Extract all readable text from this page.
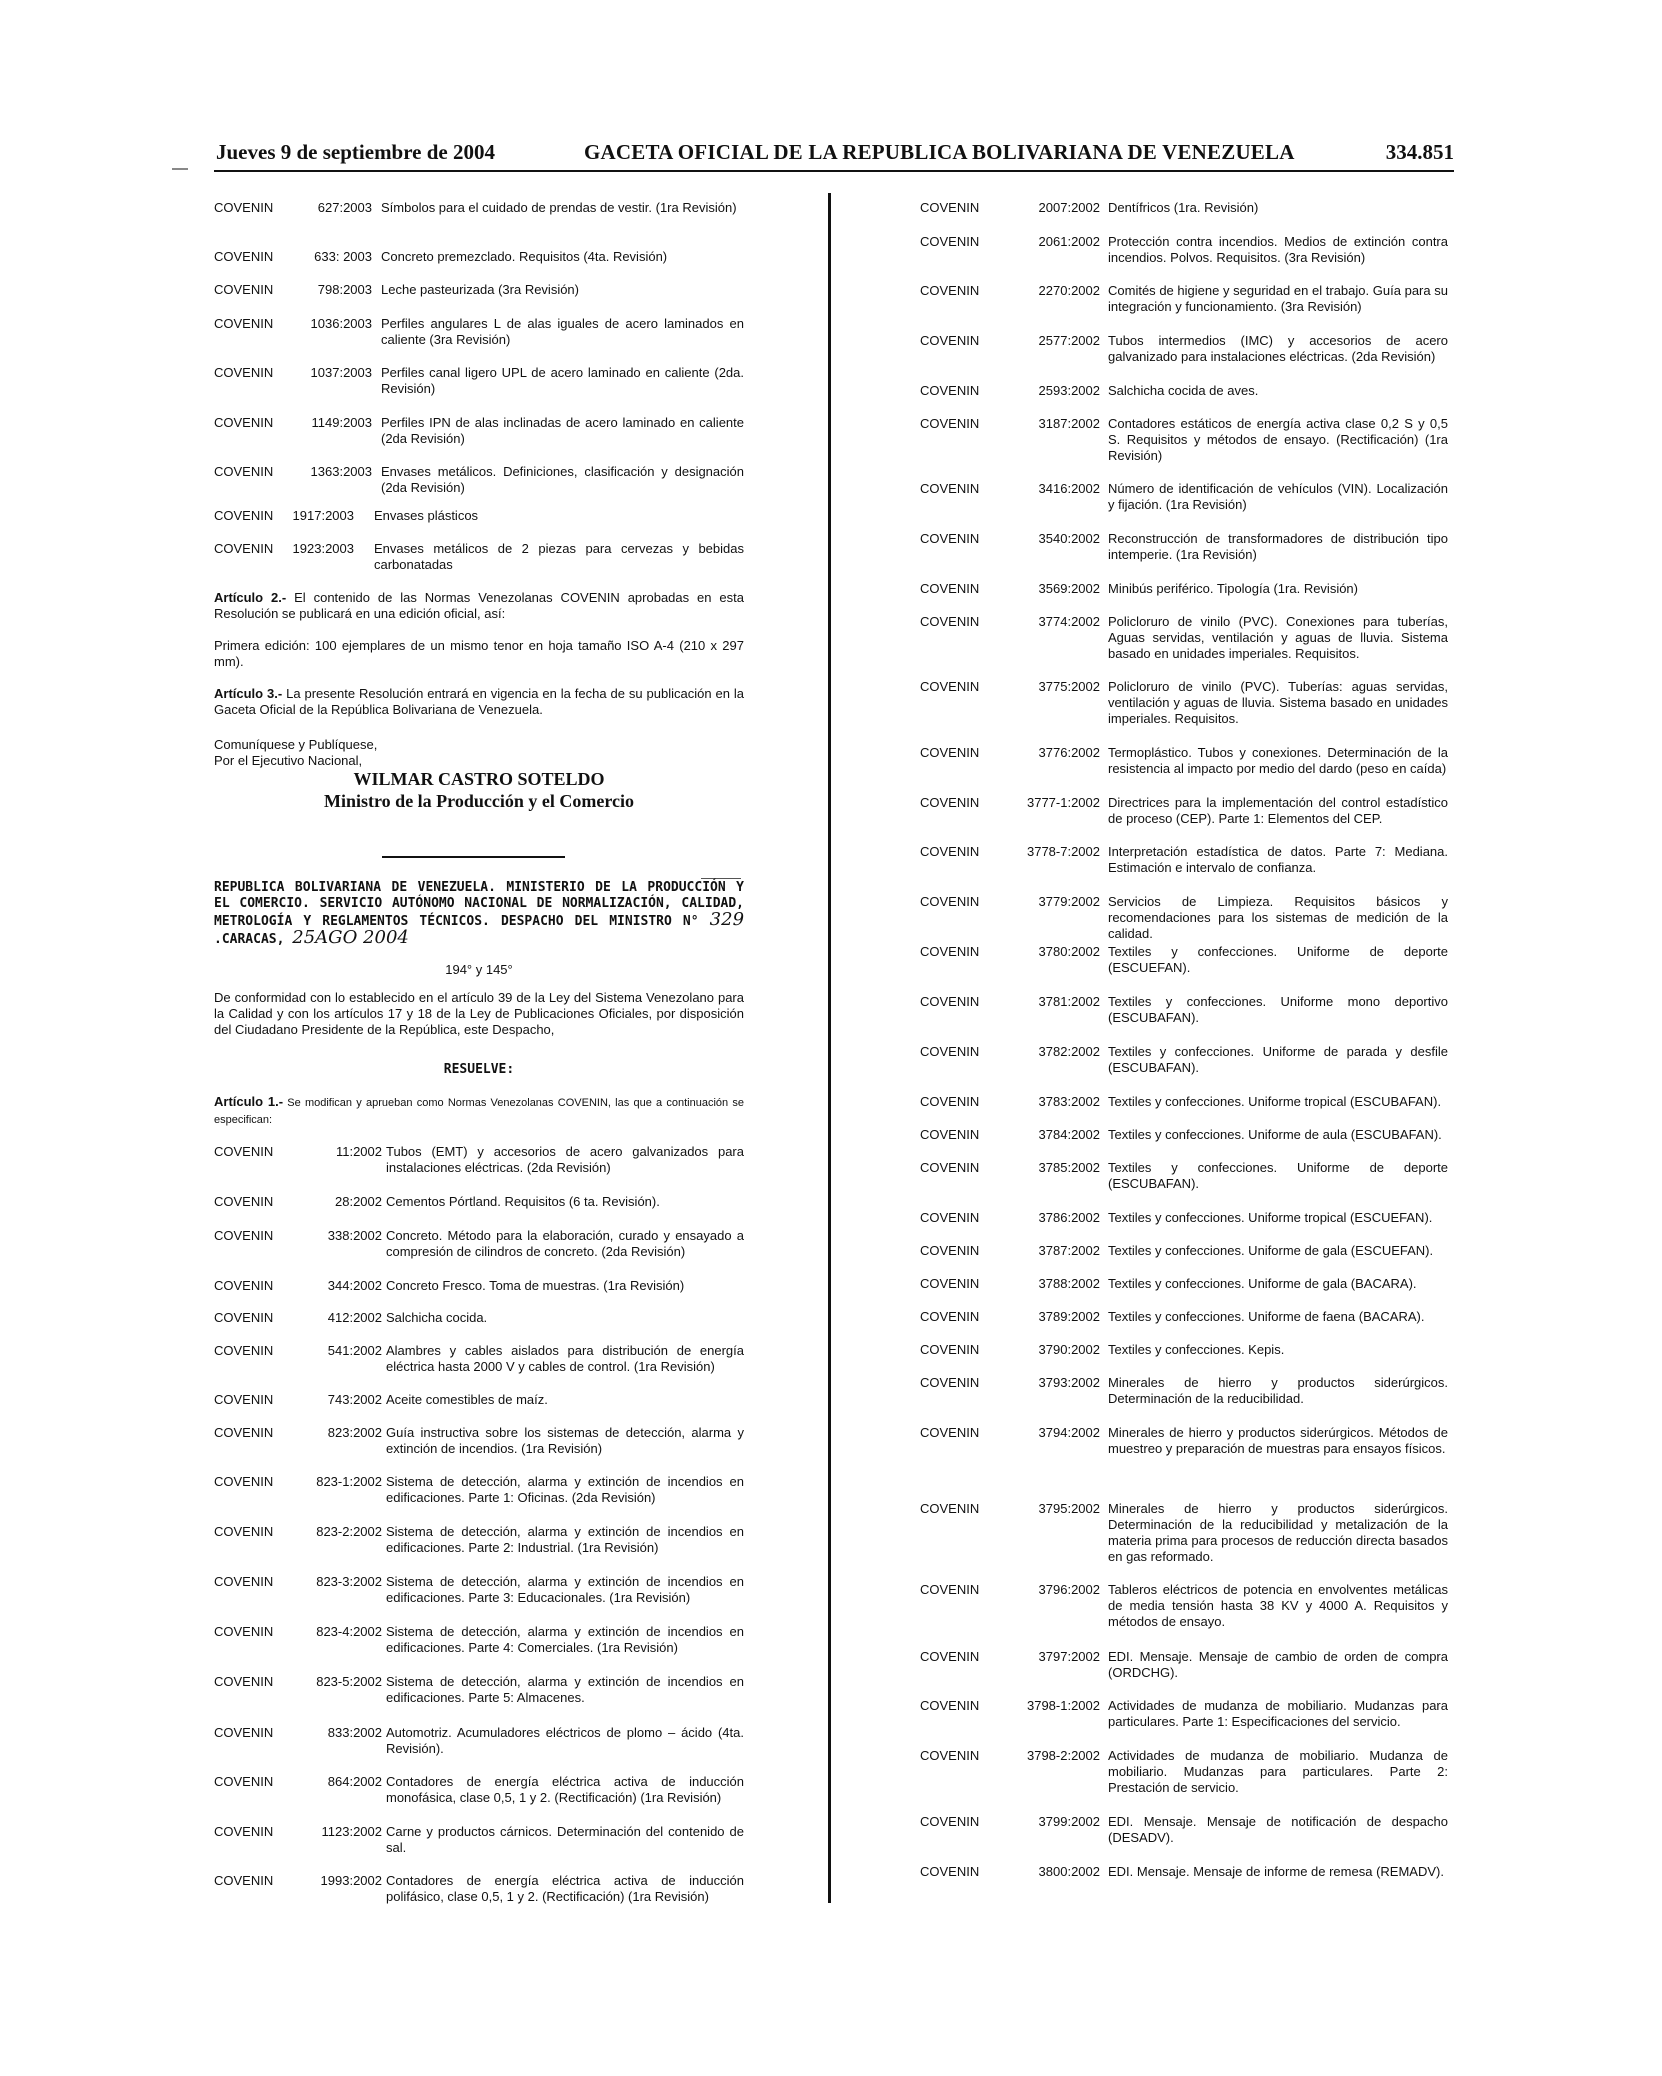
Jueves 9 de septiembre de 2004	GACETA OFICIAL DE LA REPUBLICA BOLIVARIANA DE VENEZUELA	334.851
COVENIN	627:2003 Símbolos para el cuidado de prendas de vestir. (1ra Revisión)
COVENIN	633: 2003 Concreto premezclado. Requisitos (4ta. Revisión)
COVENIN	798:2003 Leche pasteurizada (3ra Revisión)
COVENIN	1036:2003 Perfiles angulares L de alas iguales de acero laminados en caliente (3ra Revisión)
COVENIN	1037:2003 Perfiles canal ligero UPL de acero laminado en caliente (2da. Revisión)
COVENIN	1149:2003 Perfiles IPN de alas inclinadas de acero laminado en caliente (2da Revisión)
COVENIN	1363:2003 Envases metálicos. Definiciones, clasificación y designación (2da Revisión)
COVENIN	1917:2003 Envases plásticos
COVENIN	1923:2003 Envases metálicos de 2 piezas para cervezas y bebidas carbonatadas
Artículo 2.- El contenido de las Normas Venezolanas COVENIN aprobadas en esta Resolución se publicará en una edición oficial, así:
Primera edición: 100 ejemplares de un mismo tenor en hoja tamaño ISO A-4 (210 x 297 mm).
Artículo 3.- La presente Resolución entrará en vigencia en la fecha de su publicación en la Gaceta Oficial de la República Bolivariana de Venezuela.
Comuníquese y Publíquese,
Por el Ejecutivo Nacional,
WILMAR CASTRO SOTELDO
Ministro de la Producción y el Comercio
REPUBLICA BOLIVARIANA DE VENEZUELA. MINISTERIO DE LA PRODUCCIÓN Y EL COMERCIO. SERVICIO AUTÓNOMO NACIONAL DE NORMALIZACIÓN, CALIDAD, METROLOGÍA Y REGLAMENTOS TÉCNICOS. DESPACHO DEL MINISTRO N° 329 .CARACAS, 25AGO 2004
194° y 145°
De conformidad con lo establecido en el artículo 39 de la Ley del Sistema Venezolano para la Calidad y con los artículos 17 y 18 de la Ley de Publicaciones Oficiales, por disposición del Ciudadano Presidente de la República, este Despacho,
RESUELVE:
Artículo 1.- Se modifican y aprueban como Normas Venezolanas COVENIN, las que a continuación se especifican:
COVENIN	11:2002 Tubos (EMT) y accesorios de acero galvanizados para instalaciones eléctricas. (2da Revisión)
COVENIN	28:2002 Cementos Pórtland. Requisitos (6 ta. Revisión).
COVENIN	338:2002 Concreto. Método para la elaboración, curado y ensayado a compresión de cilindros de concreto. (2da Revisión)
COVENIN	344:2002 Concreto Fresco. Toma de muestras. (1ra Revisión)
COVENIN	412:2002 Salchicha cocida.
COVENIN	541:2002 Alambres y cables aislados para distribución de energía eléctrica hasta 2000 V y cables de control. (1ra Revisión)
COVENIN	743:2002 Aceite comestibles de maíz.
COVENIN	823:2002 Guía instructiva sobre los sistemas de detección, alarma y extinción de incendios. (1ra Revisión)
COVENIN	823-1:2002 Sistema de detección, alarma y extinción de incendios en edificaciones. Parte 1: Oficinas. (2da Revisión)
COVENIN	823-2:2002 Sistema de detección, alarma y extinción de incendios en edificaciones. Parte 2: Industrial. (1ra Revisión)
COVENIN	823-3:2002 Sistema de detección, alarma y extinción de incendios en edificaciones. Parte 3: Educacionales. (1ra Revisión)
COVENIN	823-4:2002 Sistema de detección, alarma y extinción de incendios en edificaciones. Parte 4: Comerciales. (1ra Revisión)
COVENIN	823-5:2002 Sistema de detección, alarma y extinción de incendios en edificaciones. Parte 5: Almacenes.
COVENIN	833:2002 Automotriz. Acumuladores eléctricos de plomo – ácido (4ta. Revisión).
COVENIN	864:2002 Contadores de energía eléctrica activa de inducción monofásica, clase 0,5, 1 y 2. (Rectificación) (1ra Revisión)
COVENIN	1123:2002 Carne y productos cárnicos. Determinación del contenido de sal.
COVENIN	1993:2002 Contadores de energía eléctrica activa de inducción polifásico, clase 0,5, 1 y 2. (Rectificación) (1ra Revisión)
COVENIN	2007:2002 Dentífricos (1ra. Revisión)
COVENIN	2061:2002 Protección contra incendios. Medios de extinción contra incendios. Polvos. Requisitos. (3ra Revisión)
COVENIN	2270:2002 Comités de higiene y seguridad en el trabajo. Guía para su integración y funcionamiento. (3ra Revisión)
COVENIN	2577:2002 Tubos intermedios (IMC) y accesorios de acero galvanizado para instalaciones eléctricas. (2da Revisión)
COVENIN	2593:2002 Salchicha cocida de aves.
COVENIN	3187:2002 Contadores estáticos de energía activa clase 0,2 S y 0,5 S. Requisitos y métodos de ensayo. (Rectificación) (1ra Revisión)
COVENIN	3416:2002 Número de identificación de vehículos (VIN). Localización y fijación. (1ra Revisión)
COVENIN	3540:2002 Reconstrucción de transformadores de distribución tipo intemperie. (1ra Revisión)
COVENIN	3569:2002 Minibús periférico. Tipología (1ra. Revisión)
COVENIN	3774:2002 Policloruro de vinilo (PVC). Conexiones para tuberías, Aguas servidas, ventilación y aguas de lluvia. Sistema basado en unidades imperiales. Requisitos.
COVENIN	3775:2002 Policloruro de vinilo (PVC). Tuberías: aguas servidas, ventilación y aguas de lluvia. Sistema basado en unidades imperiales. Requisitos.
COVENIN	3776:2002 Termoplástico. Tubos y conexiones. Determinación de la resistencia al impacto por medio del dardo (peso en caída)
COVENIN	3777-1:2002 Directrices para la implementación del control estadístico de proceso (CEP). Parte 1: Elementos del CEP.
COVENIN	3778-7:2002 Interpretación estadística de datos. Parte 7: Mediana. Estimación e intervalo de confianza.
COVENIN	3779:2002 Servicios de Limpieza. Requisitos básicos y recomendaciones para los sistemas de medición de la calidad.
COVENIN	3780:2002 Textiles y confecciones. Uniforme de deporte (ESCUEFAN).
COVENIN	3781:2002 Textiles y confecciones. Uniforme mono deportivo (ESCUBAFAN).
COVENIN	3782:2002 Textiles y confecciones. Uniforme de parada y desfile (ESCUBAFAN).
COVENIN	3783:2002 Textiles y confecciones. Uniforme tropical (ESCUBAFAN).
COVENIN	3784:2002 Textiles y confecciones. Uniforme de aula (ESCUBAFAN).
COVENIN	3785:2002 Textiles y confecciones. Uniforme de deporte (ESCUBAFAN).
COVENIN	3786:2002 Textiles y confecciones. Uniforme tropical (ESCUEFAN).
COVENIN	3787:2002 Textiles y confecciones. Uniforme de gala (ESCUEFAN).
COVENIN	3788:2002 Textiles y confecciones. Uniforme de gala (BACARA).
COVENIN	3789:2002 Textiles y confecciones. Uniforme de faena (BACARA).
COVENIN	3790:2002 Textiles y confecciones. Kepis.
COVENIN	3793:2002 Minerales de hierro y productos siderúrgicos. Determinación de la reducibilidad.
COVENIN	3794:2002 Minerales de hierro y productos siderúrgicos. Métodos de muestreo y preparación de muestras para ensayos físicos.
COVENIN	3795:2002 Minerales de hierro y productos siderúrgicos. Determinación de la reducibilidad y metalización de la materia prima para procesos de reducción directa basados en gas reformado.
COVENIN	3796:2002 Tableros eléctricos de potencia en envolventes metálicas de media tensión hasta 38 KV y 4000 A. Requisitos y métodos de ensayo.
COVENIN	3797:2002 EDI. Mensaje. Mensaje de cambio de orden de compra (ORDCHG).
COVENIN	3798-1:2002 Actividades de mudanza de mobiliario. Mudanzas para particulares. Parte 1: Especificaciones del servicio.
COVENIN	3798-2:2002 Actividades de mudanza de mobiliario. Mudanza de mobiliario. Mudanzas para particulares. Parte 2: Prestación de servicio.
COVENIN	3799:2002 EDI. Mensaje. Mensaje de notificación de despacho (DESADV).
COVENIN	3800:2002 EDI. Mensaje. Mensaje de informe de remesa (REMADV).
